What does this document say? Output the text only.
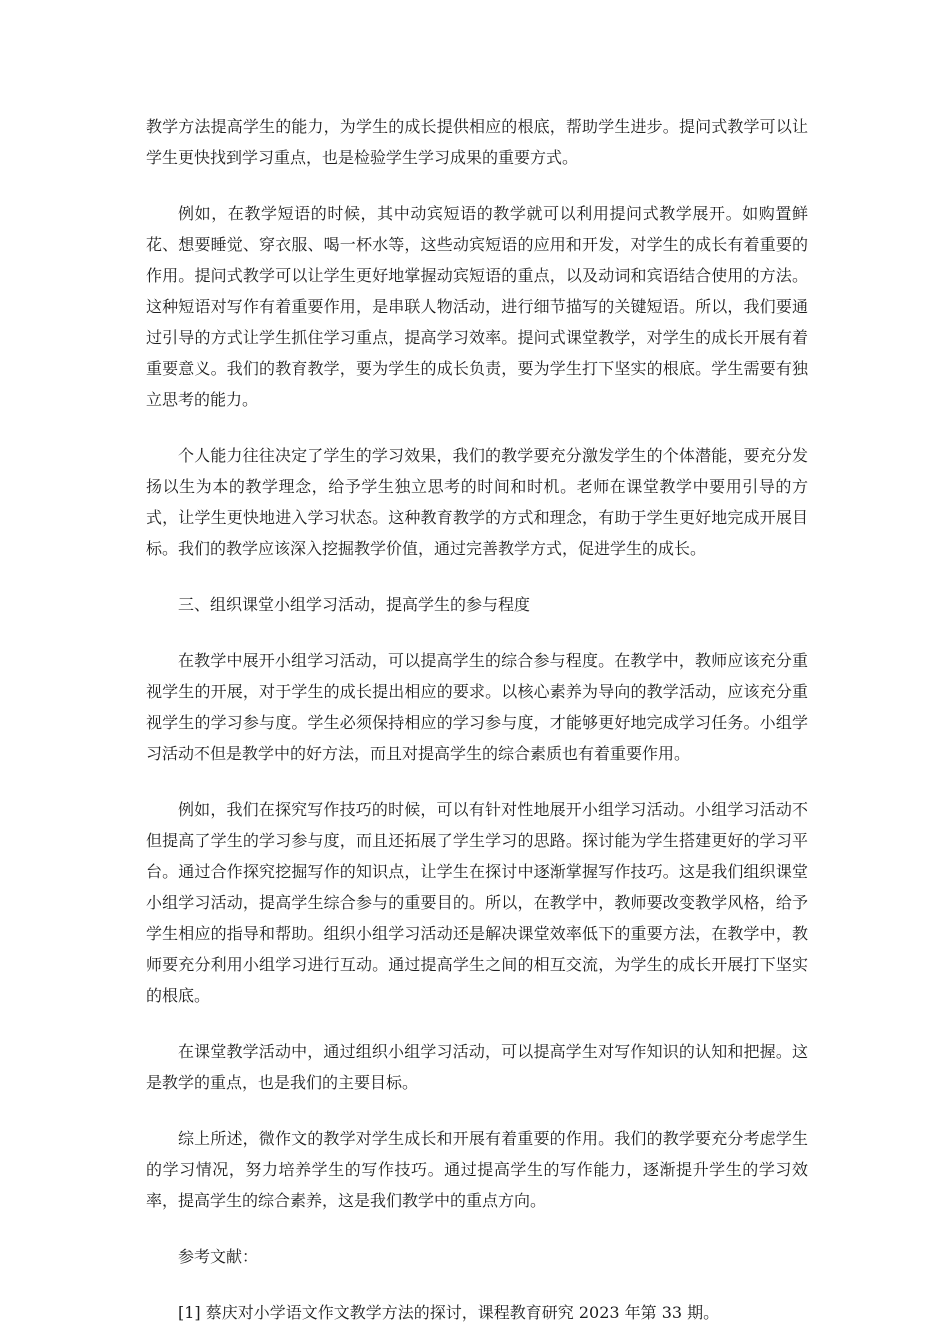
教学方法提高学生的能力，为学生的成长提供相应的根底，帮助学生进步。提问式教学可以让学生更快找到学习重点，也是检验学生学习成果的重要方式。

例如，在教学短语的时候，其中动宾短语的教学就可以利用提问式教学展开。如购置鲜花、想要睡觉、穿衣服、喝一杯水等，这些动宾短语的应用和开发，对学生的成长有着重要的作用。提问式教学可以让学生更好地掌握动宾短语的重点，以及动词和宾语结合使用的方法。这种短语对写作有着重要作用，是串联人物活动，进行细节描写的关键短语。所以，我们要通过引导的方式让学生抓住学习重点，提高学习效率。提问式课堂教学，对学生的成长开展有着重要意义。我们的教育教学，要为学生的成长负责，要为学生打下坚实的根底。学生需要有独立思考的能力。

个人能力往往决定了学生的学习效果，我们的教学要充分激发学生的个体潜能，要充分发扬以生为本的教学理念，给予学生独立思考的时间和时机。老师在课堂教学中要用引导的方式，让学生更快地进入学习状态。这种教育教学的方式和理念，有助于学生更好地完成开展目标。我们的教学应该深入挖掘教学价值，通过完善教学方式，促进学生的成长。

三、组织课堂小组学习活动，提高学生的参与程度

在教学中展开小组学习活动，可以提高学生的综合参与程度。在教学中，教师应该充分重视学生的开展，对于学生的成长提出相应的要求。以核心素养为导向的教学活动，应该充分重视学生的学习参与度。学生必须保持相应的学习参与度，才能够更好地完成学习任务。小组学习活动不但是教学中的好方法，而且对提高学生的综合素质也有着重要作用。

例如，我们在探究写作技巧的时候，可以有针对性地展开小组学习活动。小组学习活动不但提高了学生的学习参与度，而且还拓展了学生学习的思路。探讨能为学生搭建更好的学习平台。通过合作探究挖掘写作的知识点，让学生在探讨中逐渐掌握写作技巧。这是我们组织课堂小组学习活动，提高学生综合参与的重要目的。所以，在教学中，教师要改变教学风格，给予学生相应的指导和帮助。组织小组学习活动还是解决课堂效率低下的重要方法，在教学中，教师要充分利用小组学习进行互动。通过提高学生之间的相互交流，为学生的成长开展打下坚实的根底。

在课堂教学活动中，通过组织小组学习活动，可以提高学生对写作知识的认知和把握。这是教学的重点，也是我们的主要目标。

综上所述，微作文的教学对学生成长和开展有着重要的作用。我们的教学要充分考虑学生的学习情况，努力培养学生的写作技巧。通过提高学生的写作能力，逐渐提升学生的学习效率，提高学生的综合素养，这是我们教学中的重点方向。

参考文献：

[1] 蔡庆对小学语文作文教学方法的探讨，课程教育研究 2023 年第 33 期。
